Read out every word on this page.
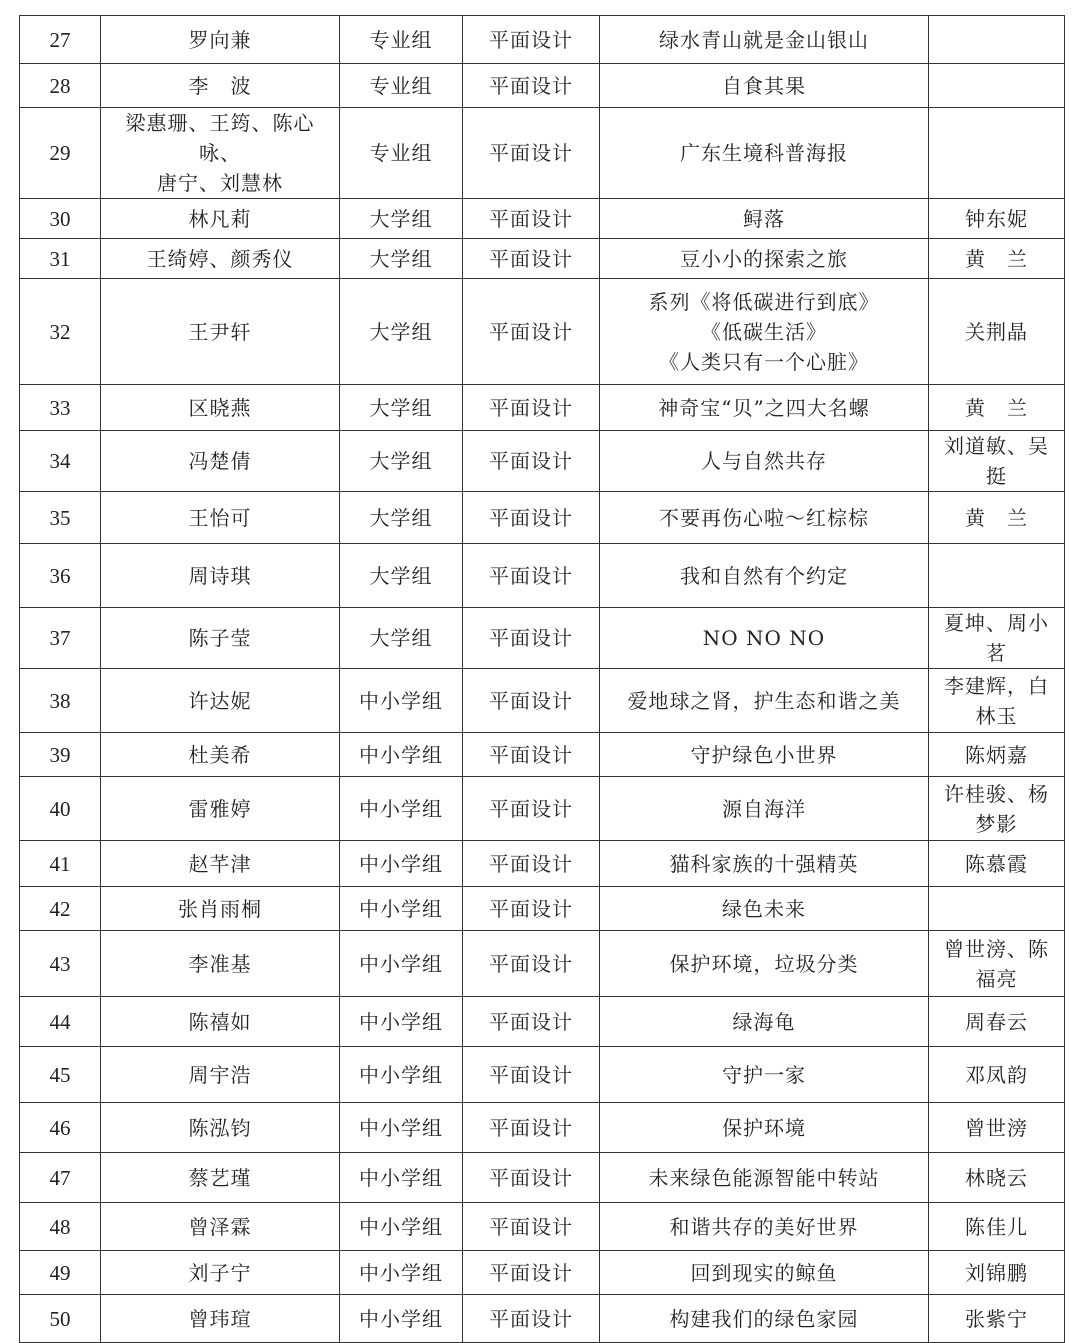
27	罗向兼	专业组	平面设计	绿水青山就是金山银山	

28	李　波	专业组	平面设计	自食其果	

29	梁惠珊、王筠、陈心咏、
唐宁、刘慧林	专业组	平面设计	广东生境科普海报	

30	林凡莉	大学组	平面设计	鲟落	钟东妮

31	王绮婷、颜秀仪	大学组	平面设计	豆小小的探索之旅	黄　兰

32	王尹轩	大学组	平面设计	系列《将低碳进行到底》
《低碳生活》
《人类只有一个心脏》	关荆晶

33	区晓燕	大学组	平面设计	神奇宝“贝”之四大名螺	黄　兰

34	冯楚倩	大学组	平面设计	人与自然共存	刘道敏、吴 挺

35	王怡可	大学组	平面设计	不要再伤心啦～红棕棕	黄　兰

36	周诗琪	大学组	平面设计	我和自然有个约定	

37	陈子莹	大学组	平面设计	NO NO NO	夏坤、周小茗

38	许达妮	中小学组	平面设计	爱地球之肾，护生态和谐之美	李建辉，白
林玉

39	杜美希	中小学组	平面设计	守护绿色小世界	陈炳嘉

40	雷雅婷	中小学组	平面设计	源自海洋	许桂骏、杨
梦影

41	赵芊津	中小学组	平面设计	猫科家族的十强精英	陈慕霞

42	张肖雨桐	中小学组	平面设计	绿色未来	

43	李准基	中小学组	平面设计	保护环境，垃圾分类	曾世滂、陈
福亮

44	陈禧如	中小学组	平面设计	绿海龟	周春云

45	周宇浩	中小学组	平面设计	守护一家	邓凤韵

46	陈泓钧	中小学组	平面设计	保护环境	曾世滂

47	蔡艺瑾	中小学组	平面设计	未来绿色能源智能中转站	林晓云

48	曾泽霖	中小学组	平面设计	和谐共存的美好世界	陈佳儿

49	刘子宁	中小学组	平面设计	回到现实的鲸鱼	刘锦鹏

50	曾玮瑄	中小学组	平面设计	构建我们的绿色家园	张紫宁
